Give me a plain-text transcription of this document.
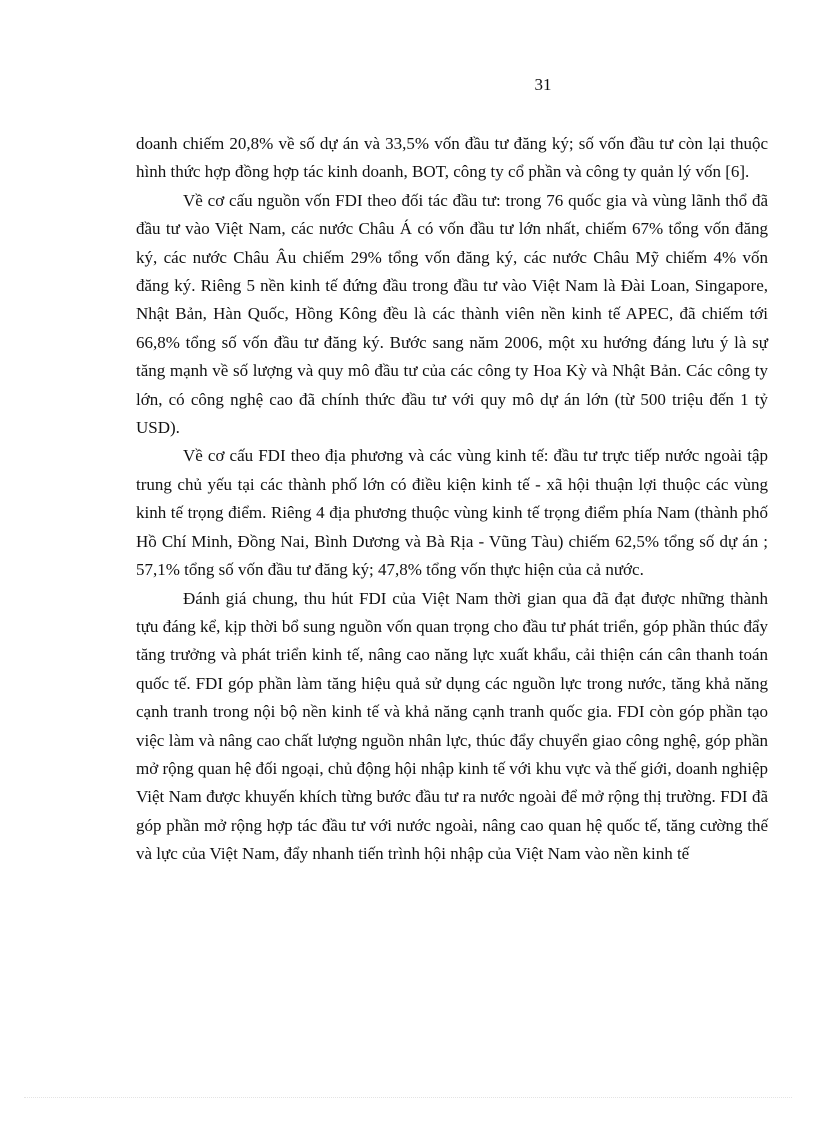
31

doanh chiếm 20,8% về số dự án và 33,5% vốn đầu tư đăng ký; số vốn đầu tư còn lại thuộc hình thức hợp đồng hợp tác kinh doanh, BOT, công ty cổ phần và công ty quản lý vốn [6].

Về cơ cấu nguồn vốn FDI theo đối tác đầu tư: trong 76 quốc gia và vùng lãnh thổ đã đầu tư vào Việt Nam, các nước Châu Á có vốn đầu tư lớn nhất, chiếm 67% tổng vốn đăng ký, các nước Châu Âu chiếm 29% tổng vốn đăng ký, các nước Châu Mỹ chiếm 4% vốn đăng ký. Riêng 5 nền kinh tế đứng đầu trong đầu tư vào Việt Nam là Đài Loan, Singapore, Nhật Bản, Hàn Quốc, Hồng Kông đều là các thành viên nền kinh tế APEC, đã chiếm tới 66,8% tổng số vốn đầu tư đăng ký. Bước sang năm 2006, một xu hướng đáng lưu ý là sự tăng mạnh về số lượng và quy mô đầu tư của các công ty Hoa Kỳ và Nhật Bản. Các công ty lớn, có công nghệ cao đã chính thức đầu tư với quy mô dự án lớn (từ 500 triệu đến 1 tỷ USD).

Về cơ cấu FDI theo địa phương và các vùng kinh tế: đầu tư trực tiếp nước ngoài tập trung chủ yếu tại các thành phố lớn có điều kiện kinh tế - xã hội thuận lợi thuộc các vùng kinh tế trọng điểm. Riêng 4 địa phương thuộc vùng kinh tế trọng điểm phía Nam (thành phố Hồ Chí Minh, Đồng Nai, Bình Dương và Bà Rịa - Vũng Tàu) chiếm 62,5% tổng số dự án ; 57,1% tổng số vốn đầu tư đăng ký; 47,8% tổng vốn thực hiện của cả nước.

Đánh giá chung, thu hút FDI của Việt Nam thời gian qua đã đạt được những thành tựu đáng kể, kịp thời bổ sung nguồn vốn quan trọng cho đầu tư phát triển, góp phần thúc đẩy tăng trưởng và phát triển kinh tế, nâng cao năng lực xuất khẩu, cải thiện cán cân thanh toán quốc tế. FDI góp phần làm tăng hiệu quả sử dụng các nguồn lực trong nước, tăng khả năng cạnh tranh trong nội bộ nền kinh tế và khả năng cạnh tranh quốc gia. FDI còn góp phần tạo việc làm và nâng cao chất lượng nguồn nhân lực, thúc đẩy chuyển giao công nghệ, góp phần mở rộng quan hệ đối ngoại, chủ động hội nhập kinh tế với khu vực và thế giới, doanh nghiệp Việt Nam được khuyến khích từng bước đầu tư ra nước ngoài để mở rộng thị trường. FDI đã góp phần mở rộng hợp tác đầu tư với nước ngoài, nâng cao quan hệ quốc tế, tăng cường thế và lực của Việt Nam, đẩy nhanh tiến trình hội nhập của Việt Nam vào nền kinh tế
